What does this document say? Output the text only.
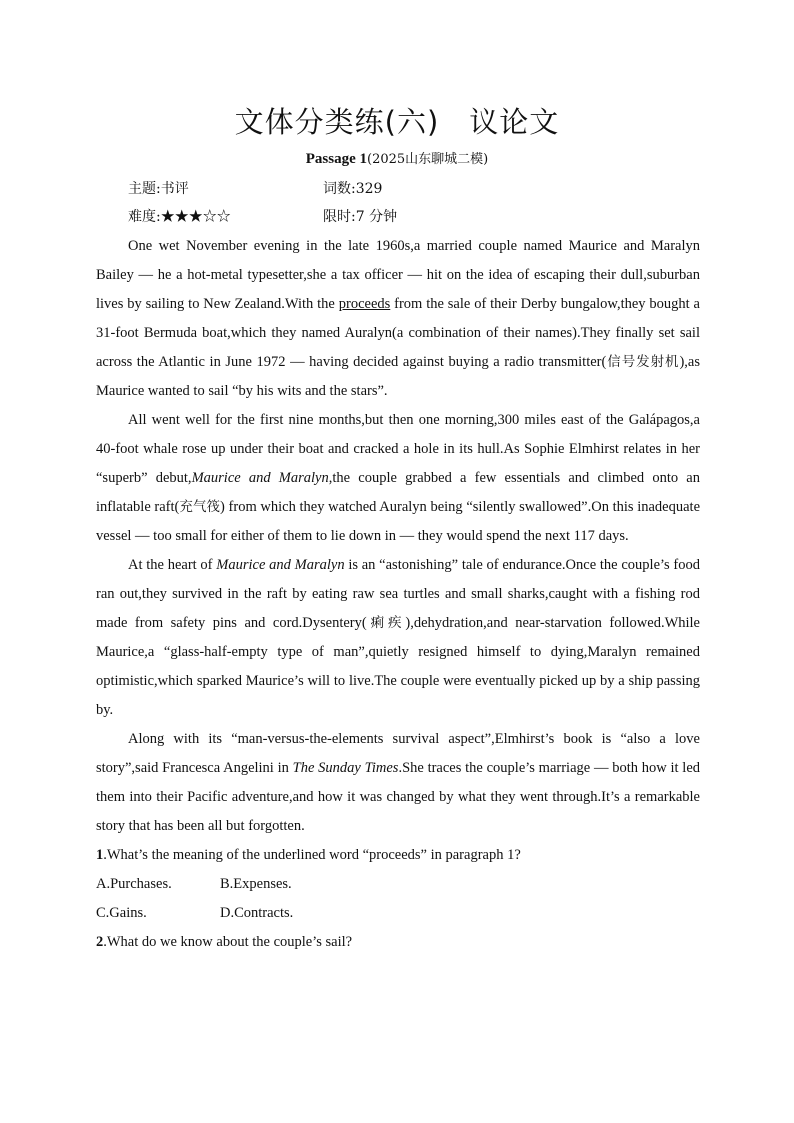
文体分类练(六)　议论文
Passage 1(2025山东聊城二模)
主题:书评	词数:329
难度:★★★☆☆	限时:7 分钟

One wet November evening in the late 1960s,a married couple named Maurice and Maralyn Bailey — he a hot-metal typesetter,she a tax officer — hit on the idea of escaping their dull,suburban lives by sailing to New Zealand.With the proceeds from the sale of their Derby bungalow,they bought a 31-foot Bermuda boat,which they named Auralyn(a combination of their names).They finally set sail across the Atlantic in June 1972 — having decided against buying a radio transmitter(信号发射机),as Maurice wanted to sail “by his wits and the stars”.

All went well for the first nine months,but then one morning,300 miles east of the Galápagos,a 40-foot whale rose up under their boat and cracked a hole in its hull.As Sophie Elmhirst relates in her “superb” debut,Maurice and Maralyn,the couple grabbed a few essentials and climbed onto an inflatable raft(充气筏) from which they watched Auralyn being “silently swallowed”.On this inadequate vessel — too small for either of them to lie down in — they would spend the next 117 days.

At the heart of Maurice and Maralyn is an “astonishing” tale of endurance.Once the couple’s food ran out,they survived in the raft by eating raw sea turtles and small sharks,caught with a fishing rod made from safety pins and cord.Dysentery(痢疾),dehydration,and near-starvation followed.While Maurice,a “glass-half-empty type of man”,quietly resigned himself to dying,Maralyn remained optimistic,which sparked Maurice’s will to live.The couple were eventually picked up by a ship passing by.

Along with its “man-versus-the-elements survival aspect”,Elmhirst’s book is “also a love story”,said Francesca Angelini in The Sunday Times.She traces the couple’s marriage — both how it led them into their Pacific adventure,and how it was changed by what they went through.It’s a remarkable story that has been all but forgotten.

1.What’s the meaning of the underlined word “proceeds” in paragraph 1?

A.Purchases.	B.Expenses.
C.Gains.	D.Contracts.

2.What do we know about the couple’s sail?
